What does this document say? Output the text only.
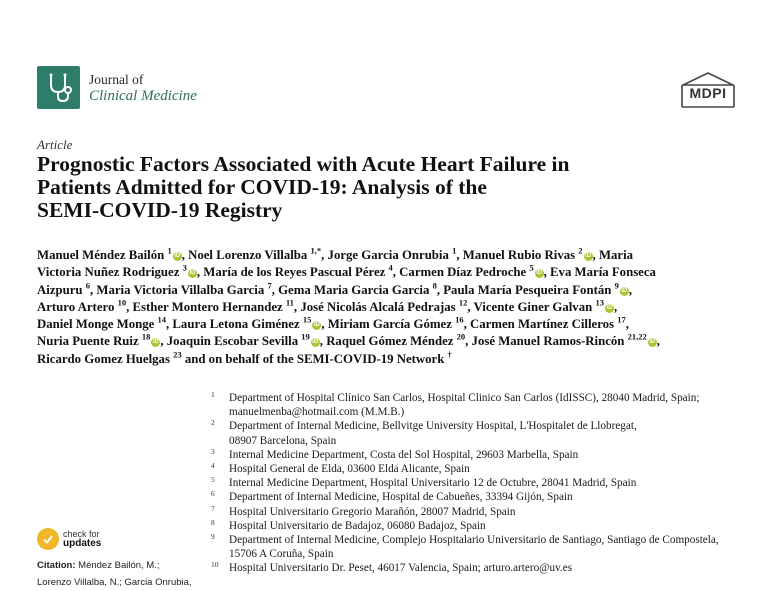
Journal of
Clinical Medicine	MDPI
Article
Prognostic Factors Associated with Acute Heart Failure in
Patients Admitted for COVID-19: Analysis of the
SEMI-COVID-19 Registry
Manuel Méndez Bailón $^1$iD , Noel Lorenzo Villalba $^{1,*}$, Jorge Garcia Onrubia $^1$, Manuel Rubio Rivas $^2$iD , Maria
Victoria Nuñez Rodriguez $^3$iD , María de los Reyes Pascual Pérez $^4$, Carmen Díaz Pedroche $^5$iD , Eva María Fonseca
Aizpuru $^6$, Maria Victoria Villalba Garcia $^7$, Gema Maria Garcia Garcia $^8$, Paula María Pesqueira Fontán $^9$iD ,
Arturo Artero $^{10}$, Esther Montero Hernandez $^{11}$, José Nicolás Alcalá Pedrajas $^{12}$, Vicente Giner Galvan $^{13}$iD ,
Daniel Monge Monge $^{14}$, Laura Letona Giménez $^{15}$iD , Miriam García Gómez $^{16}$, Carmen Martínez Cilleros $^{17}$,
Nuria Puente Ruiz $^{18}$iD , Joaquin Escobar Sevilla $^{19}$iD , Raquel Gómez Méndez $^{20}$, José Manuel Ramos-Rincón $^{21,22}$iD ,
Ricardo Gomez Huelgas $^{23}$ and on behalf of the SEMI-COVID-19 Network †
1 Department of Hospital Clínico San Carlos, Hospital Clinico San Carlos (IdISSC), 28040 Madrid, Spain;
manuelmenba@hotmail.com (M.M.B.)
2 Department of Internal Medicine, Bellvitge University Hospital, L'Hospitalet de Llobregat,
08907 Barcelona, Spain
3 Internal Medicine Department, Costa del Sol Hospital, 29603 Marbella, Spain
4 Hospital General de Elda, 03600 Elda Alicante, Spain
5 Internal Medicine Department, Hospital Universitario 12 de Octubre, 28041 Madrid, Spain
6 Department of Internal Medicine, Hospital de Cabueñes, 33394 Gijón, Spain
7 Hospital Universitario Gregorio Marañón, 28007 Madrid, Spain
8 Hospital Universitario de Badajoz, 06080 Badajoz, Spain
9 Department of Internal Medicine, Complejo Hospitalario Universitario de Santiago, Santiago de Compostela,
15706 A Coruña, Spain
10 Hospital Universitario Dr. Peset, 46017 Valencia, Spain; arturo.artero@uv.es
check for
updates
Citation: Méndez Bailón, M.;
Lorenzo Villalba, N.; Garcia Onrubia,
